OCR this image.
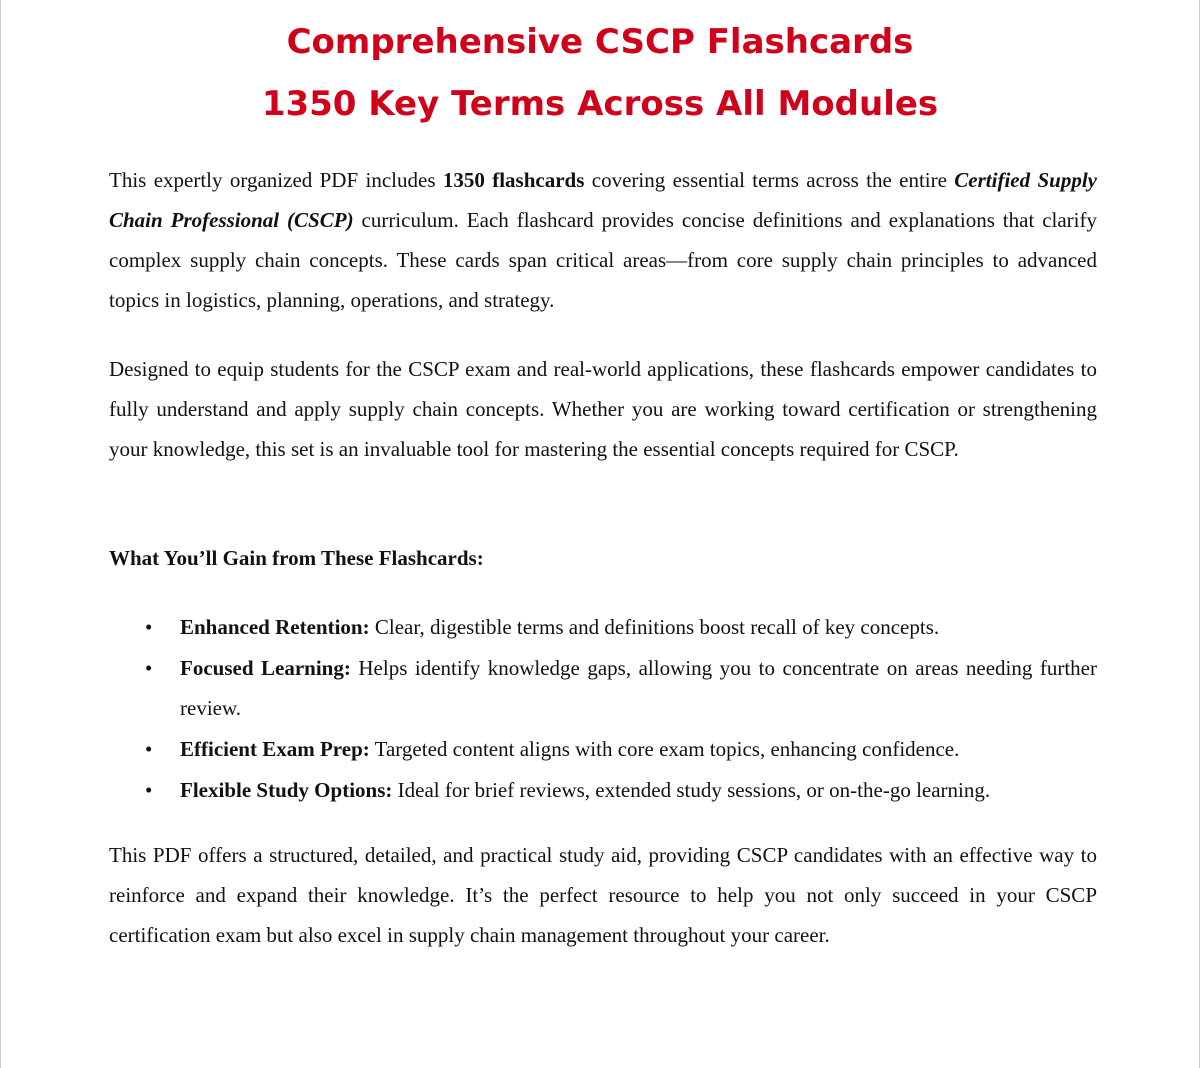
Comprehensive CSCP Flashcards
1350 Key Terms Across All Modules

This expertly organized PDF includes 1350 flashcards covering essential terms across the entire Certified Supply Chain Professional (CSCP) curriculum. Each flashcard provides concise definitions and explanations that clarify complex supply chain concepts. These cards span critical areas—from core supply chain principles to advanced topics in logistics, planning, operations, and strategy.

Designed to equip students for the CSCP exam and real-world applications, these flashcards empower candidates to fully understand and apply supply chain concepts. Whether you are working toward certification or strengthening your knowledge, this set is an invaluable tool for mastering the essential concepts required for CSCP.

What You’ll Gain from These Flashcards:
• Enhanced Retention: Clear, digestible terms and definitions boost recall of key concepts.
• Focused Learning: Helps identify knowledge gaps, allowing you to concentrate on areas needing further review.
• Efficient Exam Prep: Targeted content aligns with core exam topics, enhancing confidence.
• Flexible Study Options: Ideal for brief reviews, extended study sessions, or on-the-go learning.

This PDF offers a structured, detailed, and practical study aid, providing CSCP candidates with an effective way to reinforce and expand their knowledge. It’s the perfect resource to help you not only succeed in your CSCP certification exam but also excel in supply chain management throughout your career.
